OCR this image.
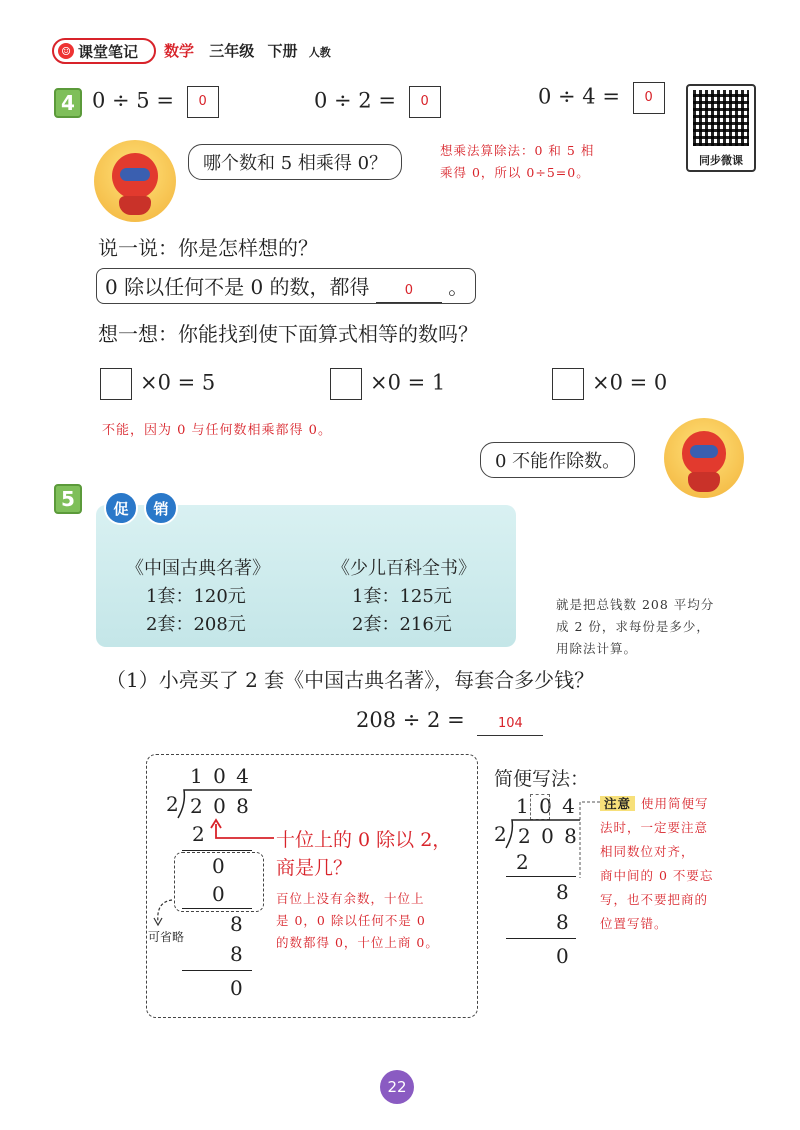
☺ 课堂笔记 数学 三年级 下册 人教
4 0 ÷ 5 = 0	0 ÷ 2 = 0	0 ÷ 4 = 0
同步微课
哪个数和 5 相乘得 0？
想乘法算除法：0 和 5 相
乘得 0，所以 0÷5=0。
说一说：你是怎样想的？
0 除以任何不是 0 的数，都得	0 。
想一想：你能找到使下面算式相等的数吗？
×0 = 5	×0 = 1	×0 = 0
不能，因为 0 与任何数相乘都得 0。
0 不能作除数。
5	促	销
《中国古典名著》
1套：120元
2套：208元
《少儿百科全书》
1套：125元
2套：216元
就是把总钱数 208 平均分
成 2 份，求每份是多少，
用除法计算。
（1）小亮买了 2 套《中国古典名著》，每套合多少钱？
208 ÷ 2 =	104
1 0 4
2 2 0 8
2
0
0
8
8
0
可省略
十位上的 0 除以 2，
商是几？
百位上没有余数，十位上
是 0，0 除以任何不是 0
的数都得 0，十位上商 0。
简便写法：
1 0 4
2 2 0 8
2
8
8
0
注意 使用简便写
法时，一定要注意
相同数位对齐，
商中间的 0 不要忘
写，也不要把商的
位置写错。
22
